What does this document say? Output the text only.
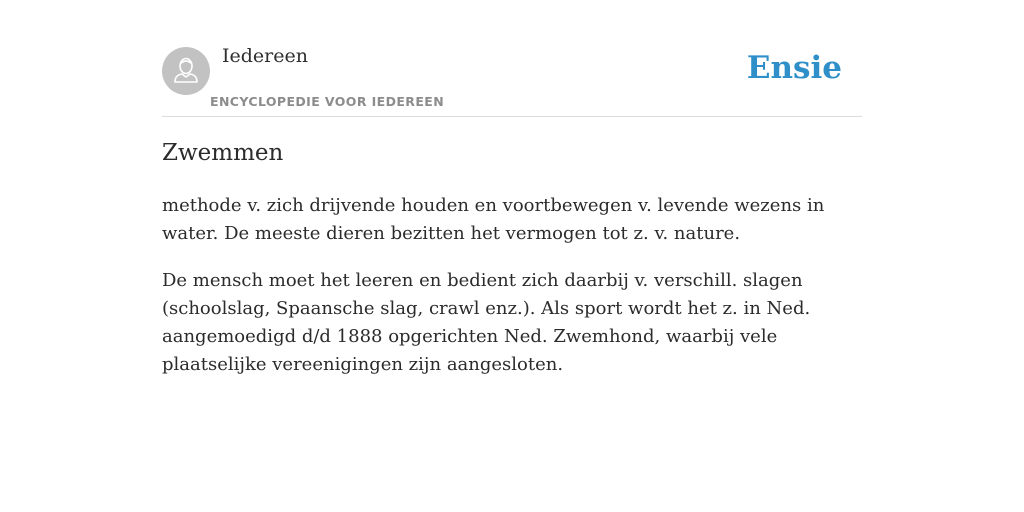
Iedereen
ENCYCLOPEDIE VOOR IEDEREEN
Ensie
Zwemmen

methode v. zich drijvende houden en voortbewegen v. levende wezens in water. De meeste dieren bezitten het vermogen tot z. v. nature.

De mensch moet het leeren en bedient zich daarbij v. verschill. slagen (schoolslag, Spaansche slag, crawl enz.). Als sport wordt het z. in Ned. aangemoedigd d/d 1888 opgerichten Ned. Zwemhond, waarbij vele plaatselijke vereenigingen zijn aangesloten.
